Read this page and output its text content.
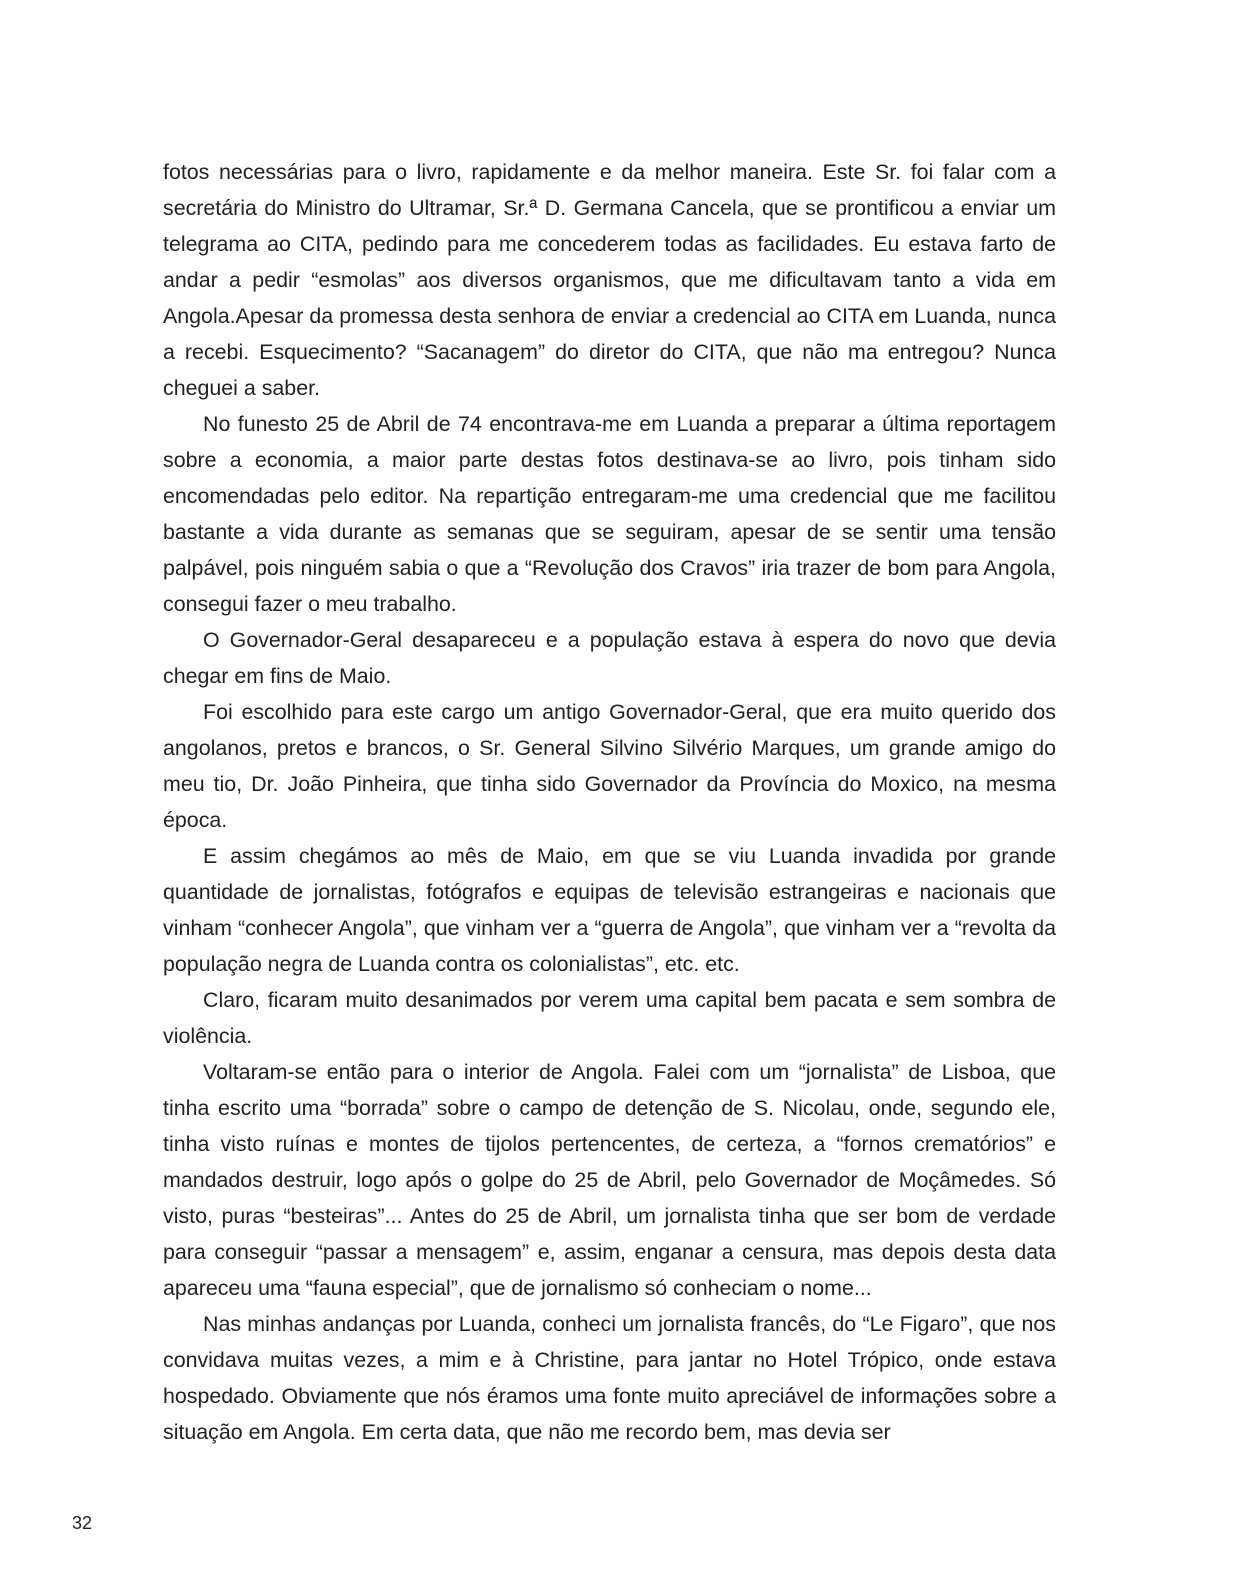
fotos necessárias para o livro, rapidamente e da melhor maneira. Este Sr. foi falar com a secretária do Ministro do Ultramar, Sr.ª D. Germana Cancela, que se prontificou a enviar um telegrama ao CITA, pedindo para me concederem todas as facilidades. Eu estava farto de andar a pedir “esmolas” aos diversos organismos, que me dificultavam tanto a vida em Angola.Apesar da promessa desta senhora de enviar a credencial ao CITA em Luanda, nunca a recebi. Esquecimento? “Sacanagem” do diretor do CITA, que não ma entregou? Nunca cheguei a saber.

No funesto 25 de Abril de 74 encontrava-me em Luanda a preparar a última reportagem sobre a economia, a maior parte destas fotos destinava-se ao livro, pois tinham sido encomendadas pelo editor. Na repartição entregaram-me uma credencial que me facilitou bastante a vida durante as semanas que se seguiram, apesar de se sentir uma tensão palpável, pois ninguém sabia o que a “Revolução dos Cravos” iria trazer de bom para Angola, consegui fazer o meu trabalho.

O Governador-Geral desapareceu e a população estava à espera do novo que devia chegar em fins de Maio.

Foi escolhido para este cargo um antigo Governador-Geral, que era muito querido dos angolanos, pretos e brancos, o Sr. General Silvino Silvério Marques, um grande amigo do meu tio, Dr. João Pinheira, que tinha sido Governador da Província do Moxico, na mesma época.

E assim chegámos ao mês de Maio, em que se viu Luanda invadida por grande quantidade de jornalistas, fotógrafos e equipas de televisão estrangeiras e nacionais que vinham “conhecer Angola”, que vinham ver a “guerra de Angola”, que vinham ver a “revolta da população negra de Luanda contra os colonialistas”, etc. etc.

Claro, ficaram muito desanimados por verem uma capital bem pacata e sem sombra de violência.

Voltaram-se então para o interior de Angola. Falei com um “jornalista” de Lisboa, que tinha escrito uma “borrada” sobre o campo de detenção de S. Nicolau, onde, segundo ele, tinha visto ruínas e montes de tijolos pertencentes, de certeza, a “fornos crematórios” e mandados destruir, logo após o golpe do 25 de Abril, pelo Governador de Moçâmedes. Só visto, puras “besteiras”... Antes do 25 de Abril, um jornalista tinha que ser bom de verdade para conseguir “passar a mensagem” e, assim, enganar a censura, mas depois desta data apareceu uma “fauna especial”, que de jornalismo só conheciam o nome...

Nas minhas andanças por Luanda, conheci um jornalista francês, do “Le Figaro”, que nos convidava muitas vezes, a mim e à Christine, para jantar no Hotel Trópico, onde estava hospedado. Obviamente que nós éramos uma fonte muito apreciável de informações sobre a situação em Angola. Em certa data, que não me recordo bem, mas devia ser

32
